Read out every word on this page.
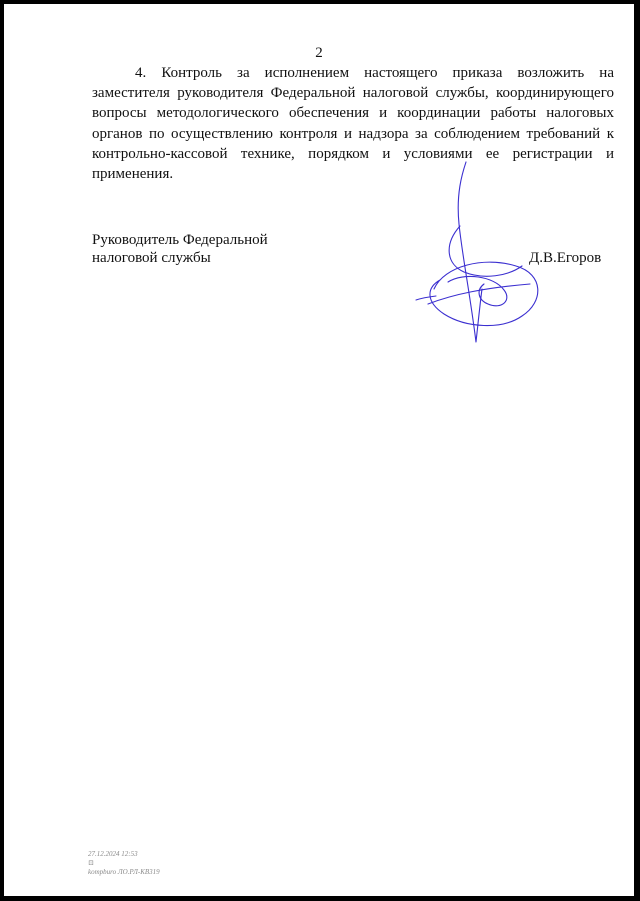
2

4. Контроль за исполнением настоящего приказа возложить на заместителя руководителя Федеральной налоговой службы, координирующего вопросы методологического обеспечения и координации работы налоговых органов по осуществлению контроля и надзора за соблюдением требований к контрольно-кассовой технике, порядком и условиями ее регистрации и применения.

Руководитель Федеральной
налоговой службы	Д.В.Егоров
27.12.2024 12:53
⊡
kompburo ЛО.РЛ-КВ319
